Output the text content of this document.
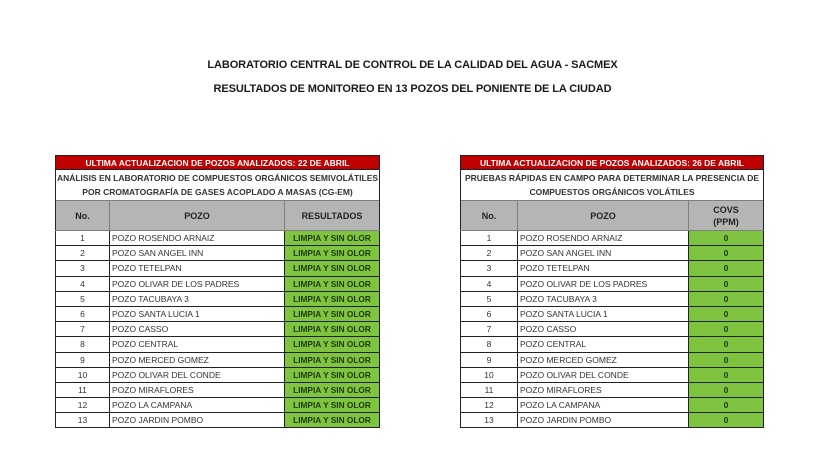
LABORATORIO CENTRAL DE CONTROL DE LA CALIDAD DEL AGUA - SACMEX
RESULTADOS DE MONITOREO EN 13 POZOS DEL PONIENTE DE LA CIUDAD
ULTIMA ACTUALIZACION DE POZOS ANALIZADOS: 22 DE ABRIL		

ANÁLISIS EN LABORATORIO DE COMPUESTOS ORGÁNICOS SEMIVOLÁTILES
POR CROMATOGRAFÍA DE GASES ACOPLADO A MASAS (CG-EM)		

No.	POZO	RESULTADOS
1	POZO ROSENDO ARNAIZ	LIMPIA Y SIN OLOR
2	POZO SAN ANGEL INN	LIMPIA Y SIN OLOR
3	POZO TETELPAN	LIMPIA Y SIN OLOR
4	POZO OLIVAR DE LOS PADRES	LIMPIA Y SIN OLOR
5	POZO TACUBAYA 3	LIMPIA Y SIN OLOR
6	POZO SANTA LUCIA 1	LIMPIA Y SIN OLOR
7	POZO CASSO	LIMPIA Y SIN OLOR
8	POZO CENTRAL	LIMPIA Y SIN OLOR
9	POZO MERCED GOMEZ	LIMPIA Y SIN OLOR
10	POZO OLIVAR DEL CONDE	LIMPIA Y SIN OLOR
11	POZO MIRAFLORES	LIMPIA Y SIN OLOR
12	POZO LA CAMPANA	LIMPIA Y SIN OLOR
13	POZO JARDIN POMBO	LIMPIA Y SIN OLOR
ULTIMA ACTUALIZACION DE POZOS ANALIZADOS: 26 DE ABRIL		

PRUEBAS RÁPIDAS EN CAMPO PARA DETERMINAR LA PRESENCIA DE
COMPUESTOS ORGÁNICOS VOLÁTILES		

No.	POZO	COVS
(PPM)

1	POZO ROSENDO ARNAIZ	0
2	POZO SAN ANGEL INN	0
3	POZO TETELPAN	0
4	POZO OLIVAR DE LOS PADRES	0
5	POZO TACUBAYA 3	0
6	POZO SANTA LUCIA 1	0
7	POZO CASSO	0
8	POZO CENTRAL	0
9	POZO MERCED GOMEZ	0
10	POZO OLIVAR DEL CONDE	0
11	POZO MIRAFLORES	0
12	POZO LA CAMPANA	0
13	POZO JARDIN POMBO	0
